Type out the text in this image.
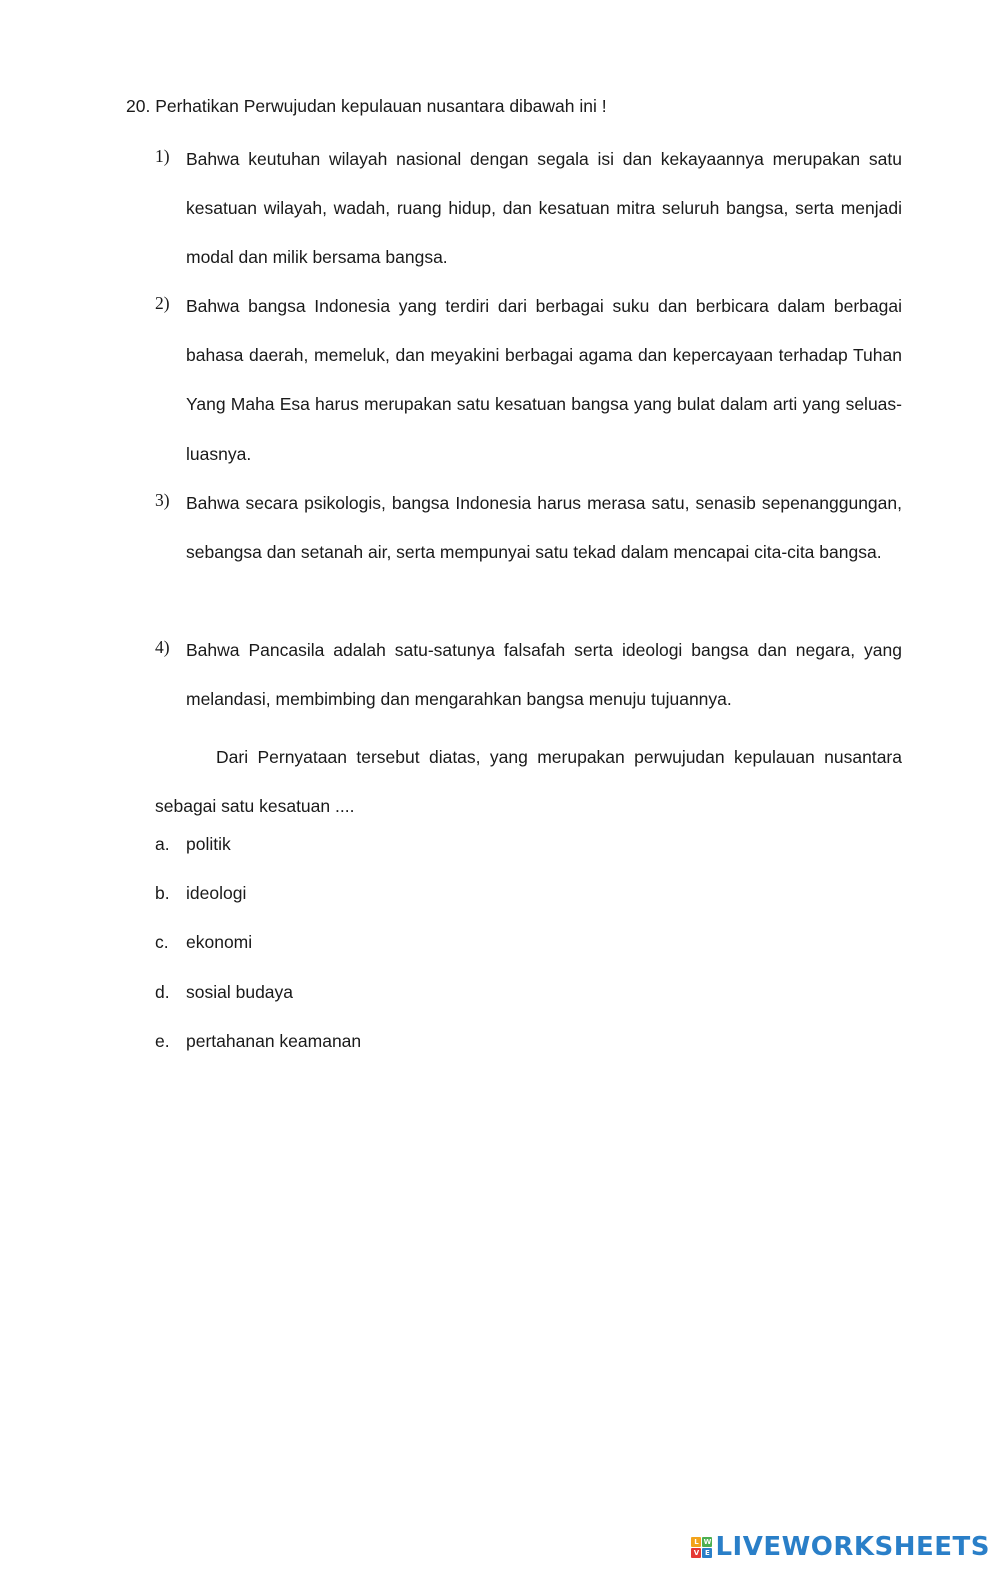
20. Perhatikan Perwujudan kepulauan nusantara dibawah ini !
1) Bahwa keutuhan wilayah nasional dengan segala isi dan kekayaannya merupakan satu kesatuan wilayah, wadah, ruang hidup, dan kesatuan mitra seluruh bangsa, serta menjadi modal dan milik bersama bangsa.
2) Bahwa bangsa Indonesia yang terdiri dari berbagai suku dan berbicara dalam berbagai bahasa daerah, memeluk, dan meyakini berbagai agama dan kepercayaan terhadap Tuhan Yang Maha Esa harus merupakan satu kesatuan bangsa yang bulat dalam arti yang seluas-luasnya.
3) Bahwa secara psikologis, bangsa Indonesia harus merasa satu, senasib sepenanggungan, sebangsa dan setanah air, serta mempunyai satu tekad dalam mencapai cita-cita bangsa.
4) Bahwa Pancasila adalah satu-satunya falsafah serta ideologi bangsa dan negara, yang melandasi, membimbing dan mengarahkan bangsa menuju tujuannya.
Dari Pernyataan tersebut diatas, yang merupakan perwujudan kepulauan nusantara sebagai satu kesatuan ....
a. politik
b. ideologi
c. ekonomi
d. sosial budaya
e. pertahanan keamanan
L W
V E LIVEWORKSHEETS
